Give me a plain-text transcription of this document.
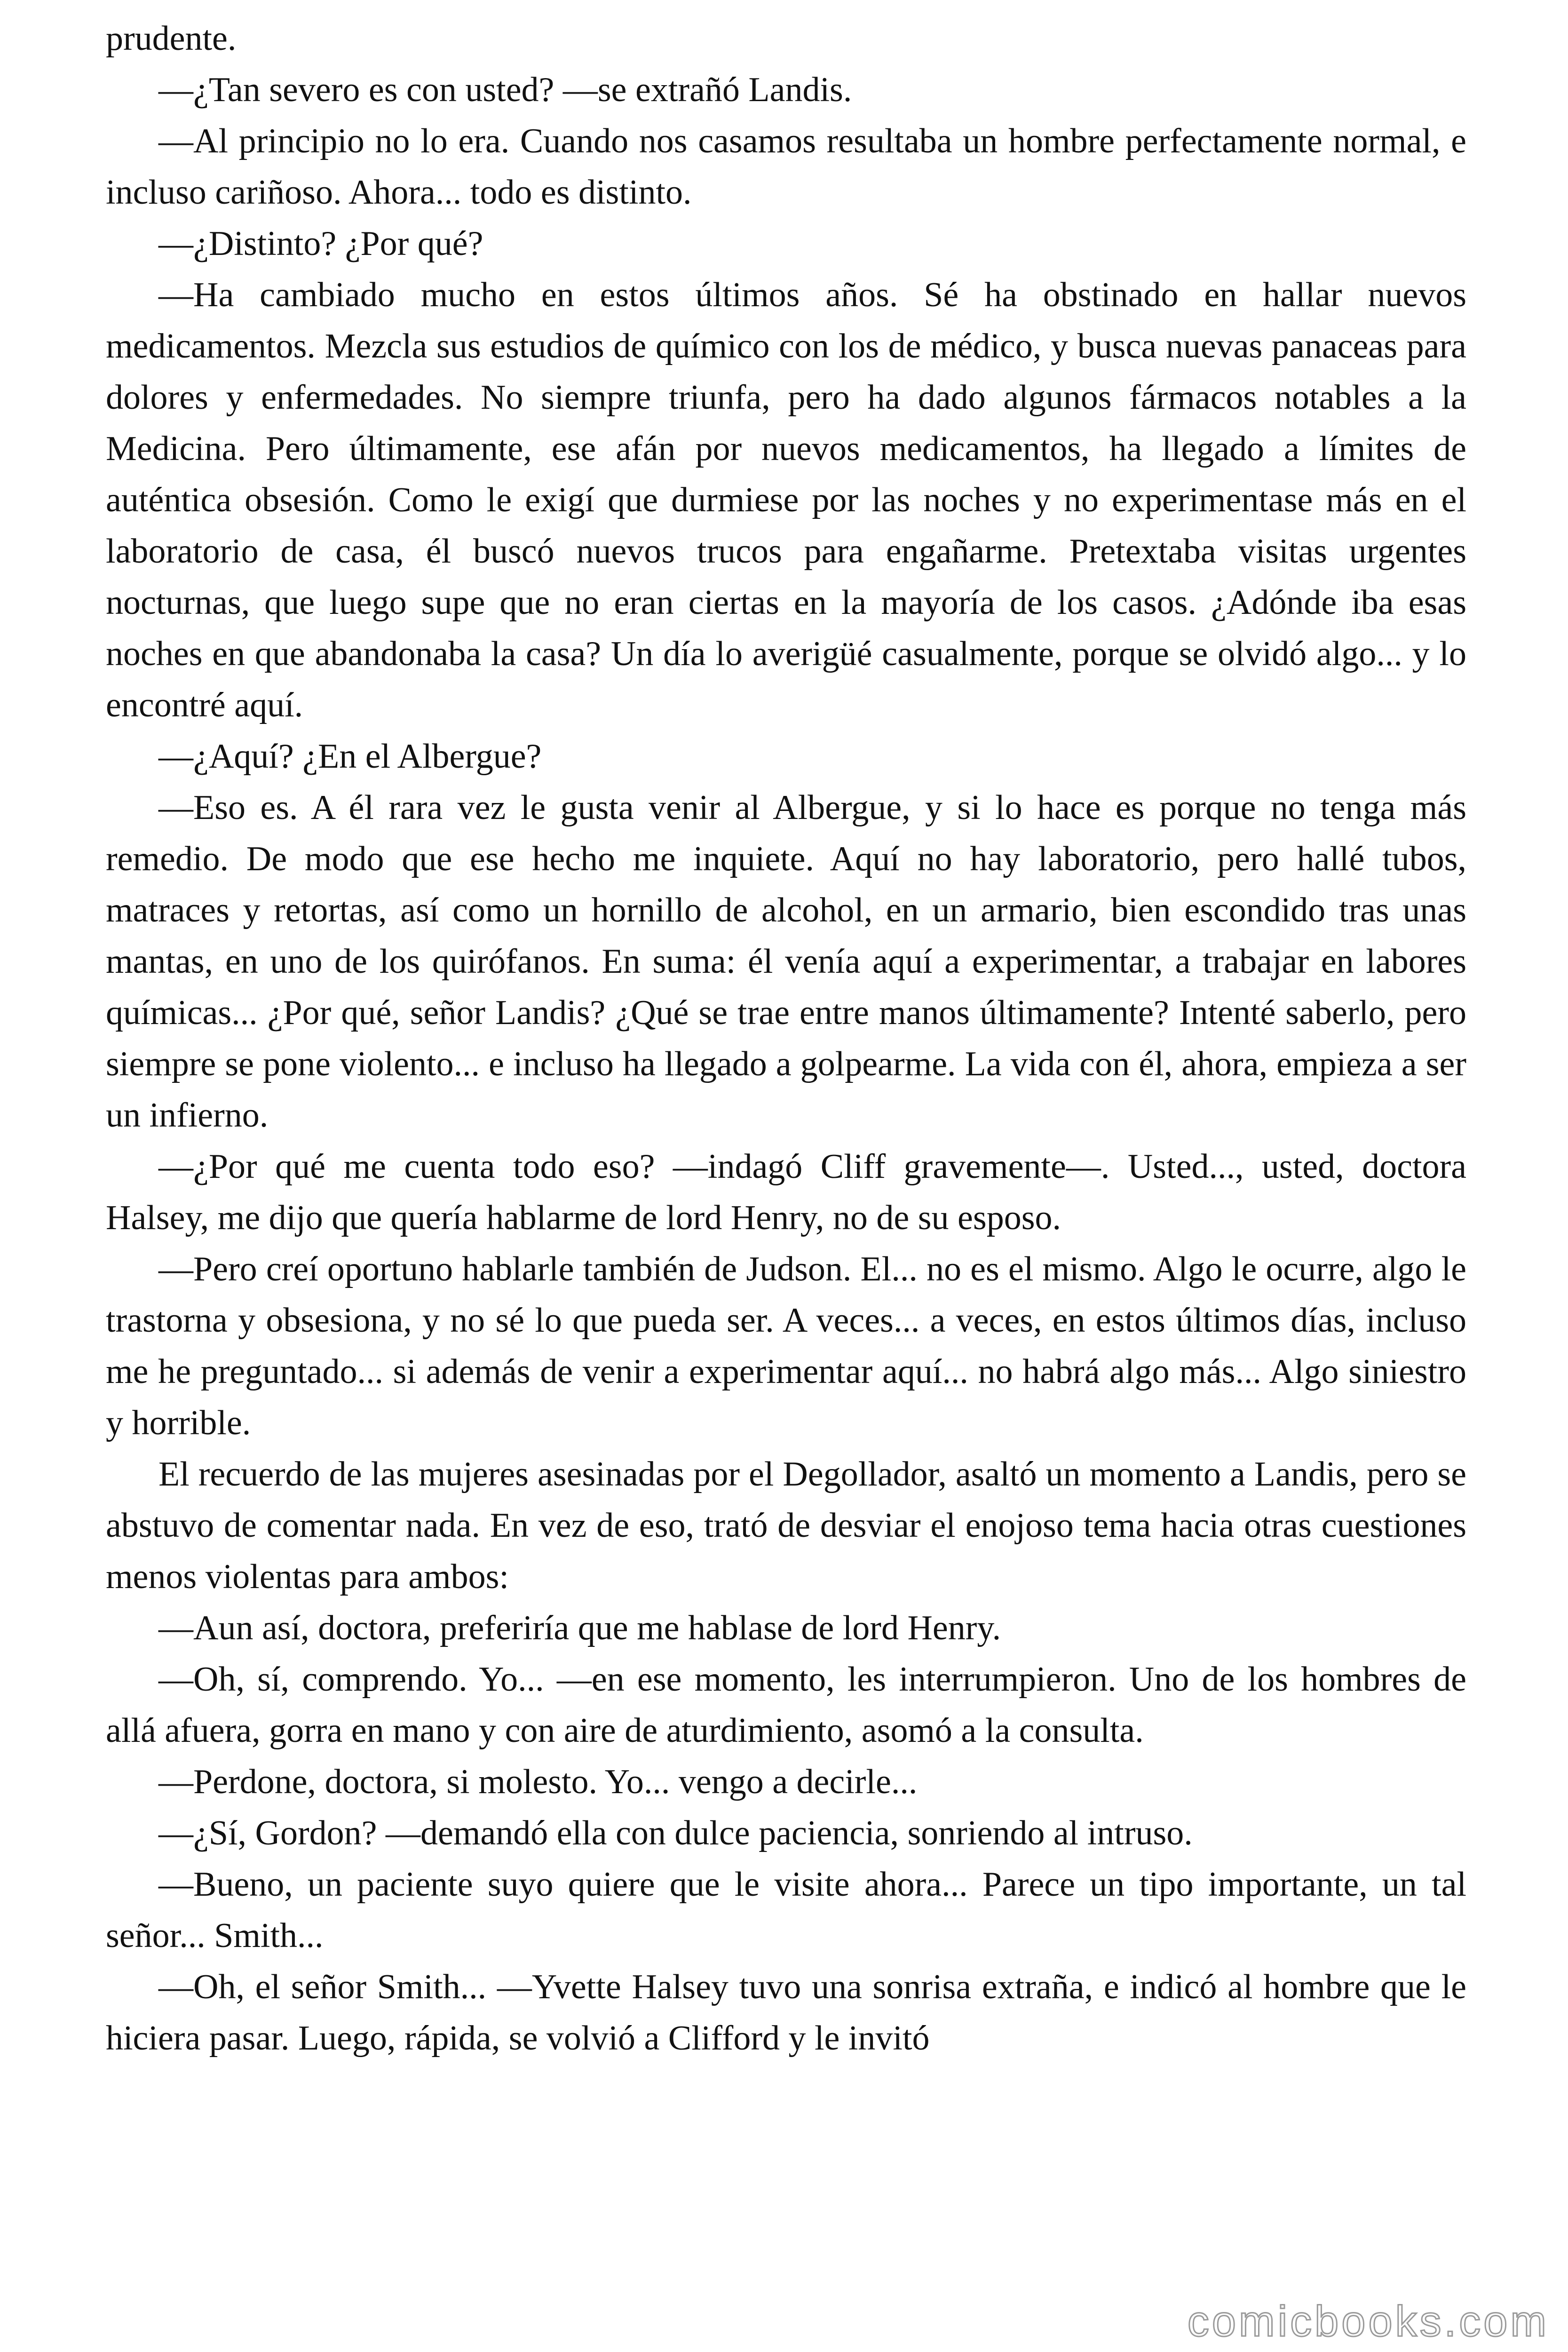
prudente.

—¿Tan severo es con usted? —se extrañó Landis.

—Al principio no lo era. Cuando nos casamos resultaba un hombre perfectamente normal, e incluso cariñoso. Ahora... todo es distinto.

—¿Distinto? ¿Por qué?

—Ha cambiado mucho en estos últimos años. Sé ha obstinado en hallar nuevos medicamentos. Mezcla sus estudios de químico con los de médico, y busca nuevas panaceas para dolores y enfermedades. No siempre triunfa, pero ha dado algunos fármacos notables a la Medicina. Pero últimamente, ese afán por nuevos medicamentos, ha llegado a límites de auténtica obsesión. Como le exigí que durmiese por las noches y no experimentase más en el laboratorio de casa, él buscó nuevos trucos para engañarme. Pretextaba visitas urgentes nocturnas, que luego supe que no eran ciertas en la mayoría de los casos. ¿Adónde iba esas noches en que abandonaba la casa? Un día lo averigüé casualmente, porque se olvidó algo... y lo encontré aquí.

—¿Aquí? ¿En el Albergue?

—Eso es. A él rara vez le gusta venir al Albergue, y si lo hace es porque no tenga más remedio. De modo que ese hecho me inquiete. Aquí no hay laboratorio, pero hallé tubos, matraces y retortas, así como un hornillo de alcohol, en un armario, bien escondido tras unas mantas, en uno de los quirófanos. En suma: él venía aquí a experimentar, a trabajar en labores químicas... ¿Por qué, señor Landis? ¿Qué se trae entre manos últimamente? Intenté saberlo, pero siempre se pone violento... e incluso ha llegado a golpearme. La vida con él, ahora, empieza a ser un infierno.

—¿Por qué me cuenta todo eso? —indagó Cliff gravemente—. Usted..., usted, doctora Halsey, me dijo que quería hablarme de lord Henry, no de su esposo.

—Pero creí oportuno hablarle también de Judson. El... no es el mismo. Algo le ocurre, algo le trastorna y obsesiona, y no sé lo que pueda ser. A veces... a veces, en estos últimos días, incluso me he preguntado... si además de venir a experimentar aquí... no habrá algo más... Algo siniestro y horrible.

El recuerdo de las mujeres asesinadas por el Degollador, asaltó un momento a Landis, pero se abstuvo de comentar nada. En vez de eso, trató de desviar el enojoso tema hacia otras cuestiones menos violentas para ambos:

—Aun así, doctora, preferiría que me hablase de lord Henry.

—Oh, sí, comprendo. Yo... —en ese momento, les interrumpieron. Uno de los hombres de allá afuera, gorra en mano y con aire de aturdimiento, asomó a la consulta.

—Perdone, doctora, si molesto. Yo... vengo a decirle...

—¿Sí, Gordon? —demandó ella con dulce paciencia, sonriendo al intruso.

—Bueno, un paciente suyo quiere que le visite ahora... Parece un tipo importante, un tal señor... Smith...

—Oh, el señor Smith... —Yvette Halsey tuvo una sonrisa extraña, e indicó al hombre que le hiciera pasar. Luego, rápida, se volvió a Clifford y le invitó

comicbooks.com
